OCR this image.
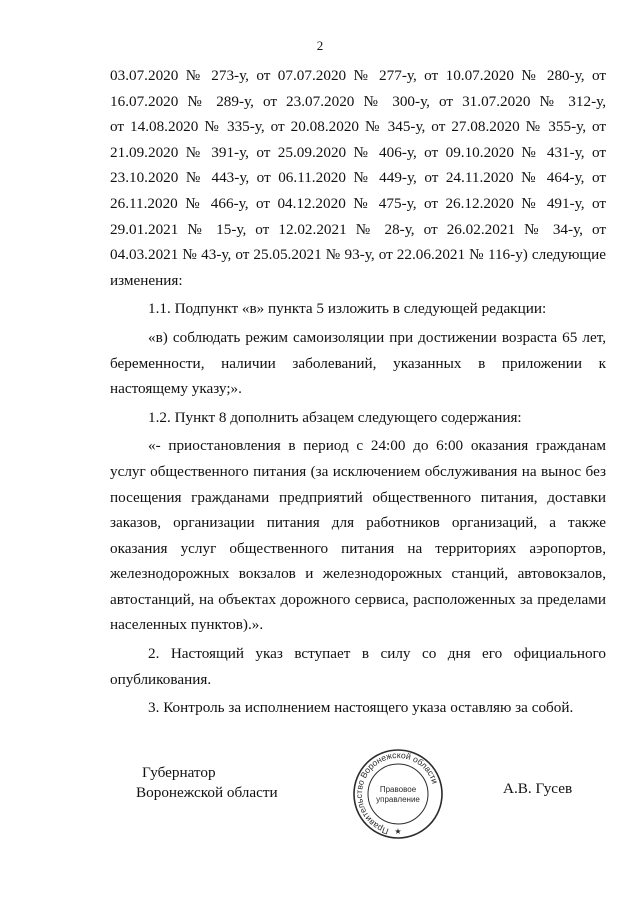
2

03.07.2020 № 273-у, от 07.07.2020 № 277-у, от 10.07.2020 № 280-у, от

16.07.2020 № 289-у, от 23.07.2020 № 300-у, от 31.07.2020 № 312-у,

от 14.08.2020 № 335-у, от 20.08.2020 № 345-у, от 27.08.2020 № 355-у, от

21.09.2020 № 391-у, от 25.09.2020 № 406-у, от 09.10.2020 № 431-у, от

23.10.2020 № 443-у, от 06.11.2020 № 449-у, от 24.11.2020 № 464-у, от

26.11.2020 № 466-у, от 04.12.2020 № 475-у, от 26.12.2020 № 491-у, от

29.01.2021 № 15-у, от 12.02.2021 № 28-у, от 26.02.2021 № 34-у, от

04.03.2021 № 43-у, от 25.05.2021 № 93-у, от 22.06.2021 № 116-у) следующие

изменения:

1.1. Подпункт «в» пункта 5 изложить в следующей редакции:

«в) соблюдать режим самоизоляции при достижении возраста 65 лет,

беременности, наличии заболеваний, указанных в приложении к

настоящему указу;».

1.2. Пункт 8 дополнить абзацем следующего содержания:

«- приостановления в период с 24:00 до 6:00 оказания гражданам

услуг общественного питания (за исключением обслуживания на вынос без

посещения гражданами предприятий общественного питания, доставки

заказов, организации питания для работников организаций, а также

оказания услуг общественного питания на территориях аэропортов,

железнодорожных вокзалов и железнодорожных станций, автовокзалов,

автостанций, на объектах дорожного сервиса, расположенных за пределами

населенных пунктов).».

2. Настоящий указ вступает в силу со дня его официального

опубликования.

3. Контроль за исполнением настоящего указа оставляю за собой.

Губернатор
Воронежской области
Правительство Воронежской области
Правовое
управление
★
А.В. Гусев
